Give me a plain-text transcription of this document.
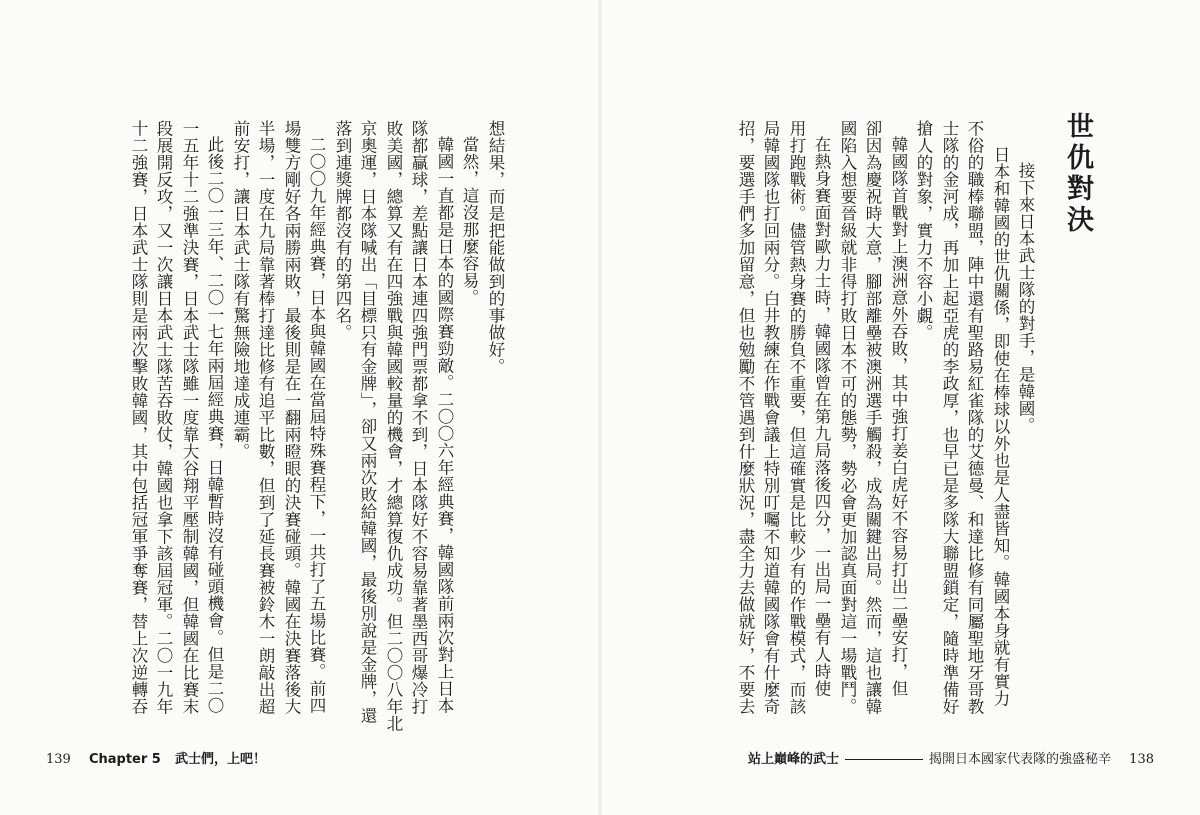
世仇對決
接下來日本武士隊的對手，是韓國。
日本和韓國的世仇關係，即使在棒球以外也是人盡皆知。韓國本身就有實力
不俗的職棒聯盟，陣中還有聖路易紅雀隊的艾德曼、和達比修有同屬聖地牙哥教
士隊的金河成，再加上起亞虎的李政厚，也早已是多隊大聯盟鎖定，隨時準備好
搶人的對象，實力不容小覷。
韓國隊首戰對上澳洲意外吞敗，其中強打姜白虎好不容易打出二壘安打，但
卻因為慶祝時大意，腳部離壘被澳洲選手觸殺，成為關鍵出局。然而，這也讓韓
國陷入想要晉級就非得打敗日本不可的態勢，勢必會更加認真面對這一場戰鬥。
在熱身賽面對歐力士時，韓國隊曾在第九局落後四分，一出局一壘有人時使
用打跑戰術。儘管熱身賽的勝負不重要，但這確實是比較少有的作戰模式，而該
局韓國隊也打回兩分。白井教練在作戰會議上特別叮囑不知道韓國隊會有什麼奇
招，要選手們多加留意，但也勉勵不管遇到什麼狀況，盡全力去做就好，不要去
想結果，而是把能做到的事做好。
當然，這沒那麼容易。
韓國一直都是日本的國際賽勁敵。二〇〇六年經典賽，韓國隊前兩次對上日本
隊都贏球，差點讓日本連四強門票都拿不到，日本隊好不容易靠著墨西哥爆冷打
敗美國，總算又有在四強戰與韓國較量的機會，才總算復仇成功。但二〇〇八年北
京奧運，日本隊喊出「目標只有金牌」，卻又兩次敗給韓國，最後別說是金牌，還
落到連獎牌都沒有的第四名。
二〇〇九年經典賽，日本與韓國在當屆特殊賽程下，一共打了五場比賽。前四
場雙方剛好各兩勝兩敗，最後則是在一翻兩瞪眼的決賽碰頭。韓國在決賽落後大
半場，一度在九局靠著棒打達比修有追平比數，但到了延長賽被鈴木一朗敲出超
前安打，讓日本武士隊有驚無險地達成連霸。
此後二〇一三年、二〇一七年兩屆經典賽，日韓暫時沒有碰頭機會。但是二〇
一五年十二強準決賽，日本武士隊雖一度靠大谷翔平壓制韓國，但韓國在比賽末
段展開反攻，又一次讓日本武士隊苦吞敗仗，韓國也拿下該屆冠軍。二〇一九年
十二強賽，日本武士隊則是兩次擊敗韓國，其中包括冠軍爭奪賽，替上次逆轉吞
139 Chapter 5 武士們，上吧！	站上巔峰的武士	揭開日本國家代表隊的強盛秘辛 138
